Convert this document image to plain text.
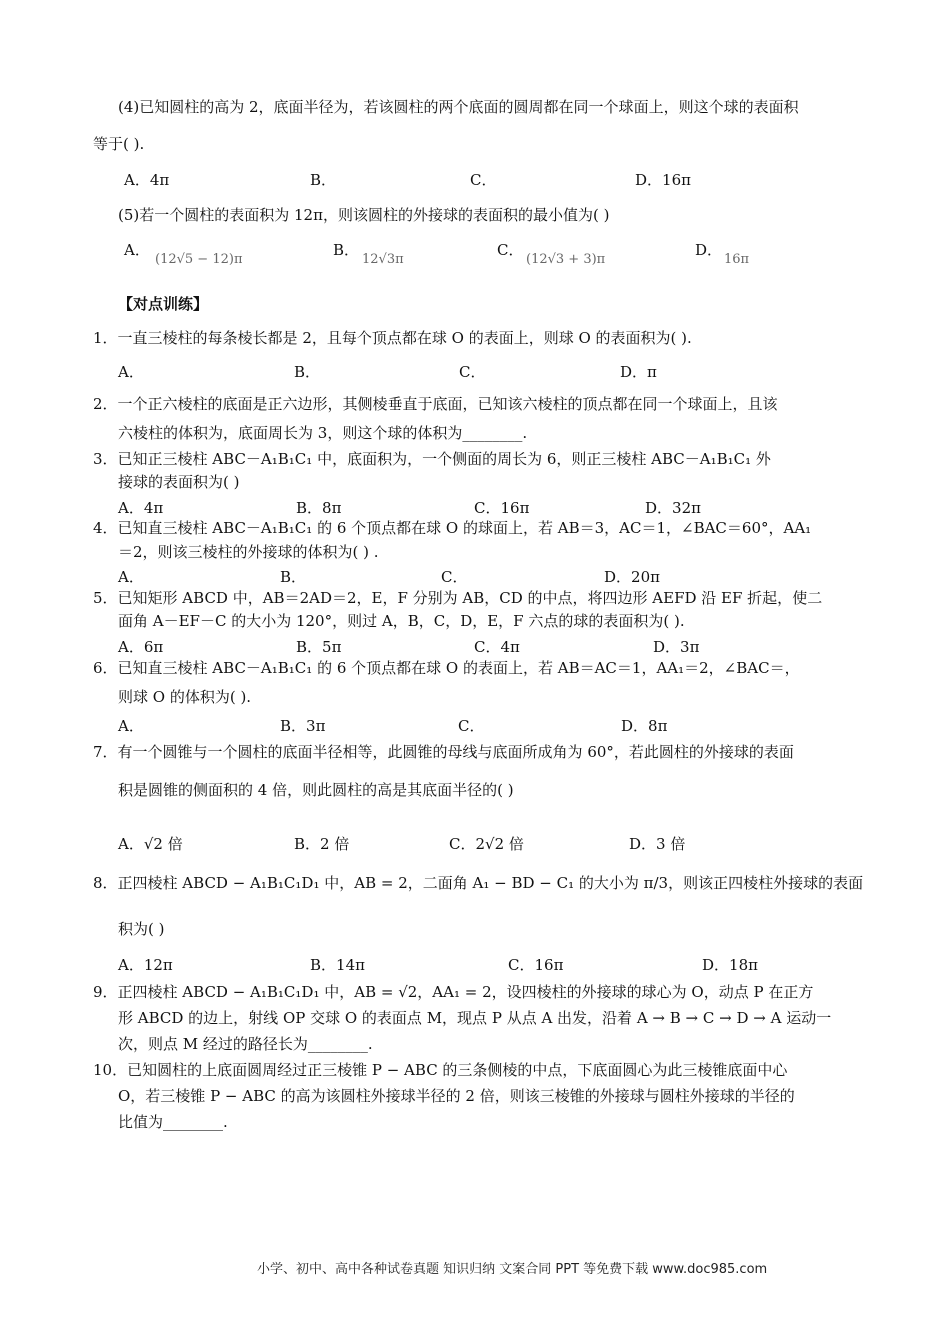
(4)已知圆柱的高为 2，底面半径为，若该圆柱的两个底面的圆周都在同一个球面上，则这个球的表面积
等于( ).
A．4π	B．	C．	D．16π
(5)若一个圆柱的表面积为 12π，则该圆柱的外接球的表面积的最小值为( )
A．
(12√5 − 12)π
B．
12√3π
C．
(12√3 + 3)π
D．
16π
【对点训练】
1．一直三棱柱的每条棱长都是 2，且每个顶点都在球 O 的表面上，则球 O 的表面积为( ).
A．	B．	C．	D．π
2．一个正六棱柱的底面是正六边形，其侧棱垂直于底面，已知该六棱柱的顶点都在同一个球面上，且该
六棱柱的体积为，底面周长为 3，则这个球的体积为________.
3．已知正三棱柱 ABC－A₁B₁C₁ 中，底面积为，一个侧面的周长为 6，则正三棱柱 ABC－A₁B₁C₁ 外
接球的表面积为( )
A．4π	B．8π	C．16π	D．32π
4．已知直三棱柱 ABC－A₁B₁C₁ 的 6 个顶点都在球 O 的球面上，若 AB＝3，AC＝1，∠BAC＝60°，AA₁
＝2，则该三棱柱的外接球的体积为( ) .
A．	B．	C．	D．20π
5．已知矩形 ABCD 中，AB＝2AD＝2，E，F 分别为 AB，CD 的中点，将四边形 AEFD 沿 EF 折起，使二
面角 A－EF－C 的大小为 120°，则过 A，B，C，D，E，F 六点的球的表面积为( ).
A．6π	B．5π	C．4π	D．3π
6．已知直三棱柱 ABC－A₁B₁C₁ 的 6 个顶点都在球 O 的表面上，若 AB＝AC＝1，AA₁＝2，∠BAC＝，
则球 O 的体积为( ).
A．	B．3π	C．	D．8π
7．有一个圆锥与一个圆柱的底面半径相等，此圆锥的母线与底面所成角为 60°，若此圆柱的外接球的表面
积是圆锥的侧面积的 4 倍，则此圆柱的高是其底面半径的( )
A．√2 倍	B．2 倍	C．2√2 倍	D．3 倍
8．正四棱柱 ABCD − A₁B₁C₁D₁ 中，AB = 2，二面角 A₁ − BD − C₁ 的大小为 π/3，则该正四棱柱外接球的表面
积为( )
A．12π	B．14π	C．16π	D．18π
9．正四棱柱 ABCD − A₁B₁C₁D₁ 中，AB = √2，AA₁ = 2，设四棱柱的外接球的球心为 O，动点 P 在正方
形 ABCD 的边上，射线 OP 交球 O 的表面点 M，现点 P 从点 A 出发，沿着 A → B → C → D → A 运动一
次，则点 M 经过的路径长为________.
10．已知圆柱的上底面圆周经过正三棱锥 P − ABC 的三条侧棱的中点，下底面圆心为此三棱锥底面中心
O，若三棱锥 P − ABC 的高为该圆柱外接球半径的 2 倍，则该三棱锥的外接球与圆柱外接球的半径的
比值为________.
小学、初中、高中各种试卷真题 知识归纳 文案合同 PPT 等免费下载 www.doc985.com
